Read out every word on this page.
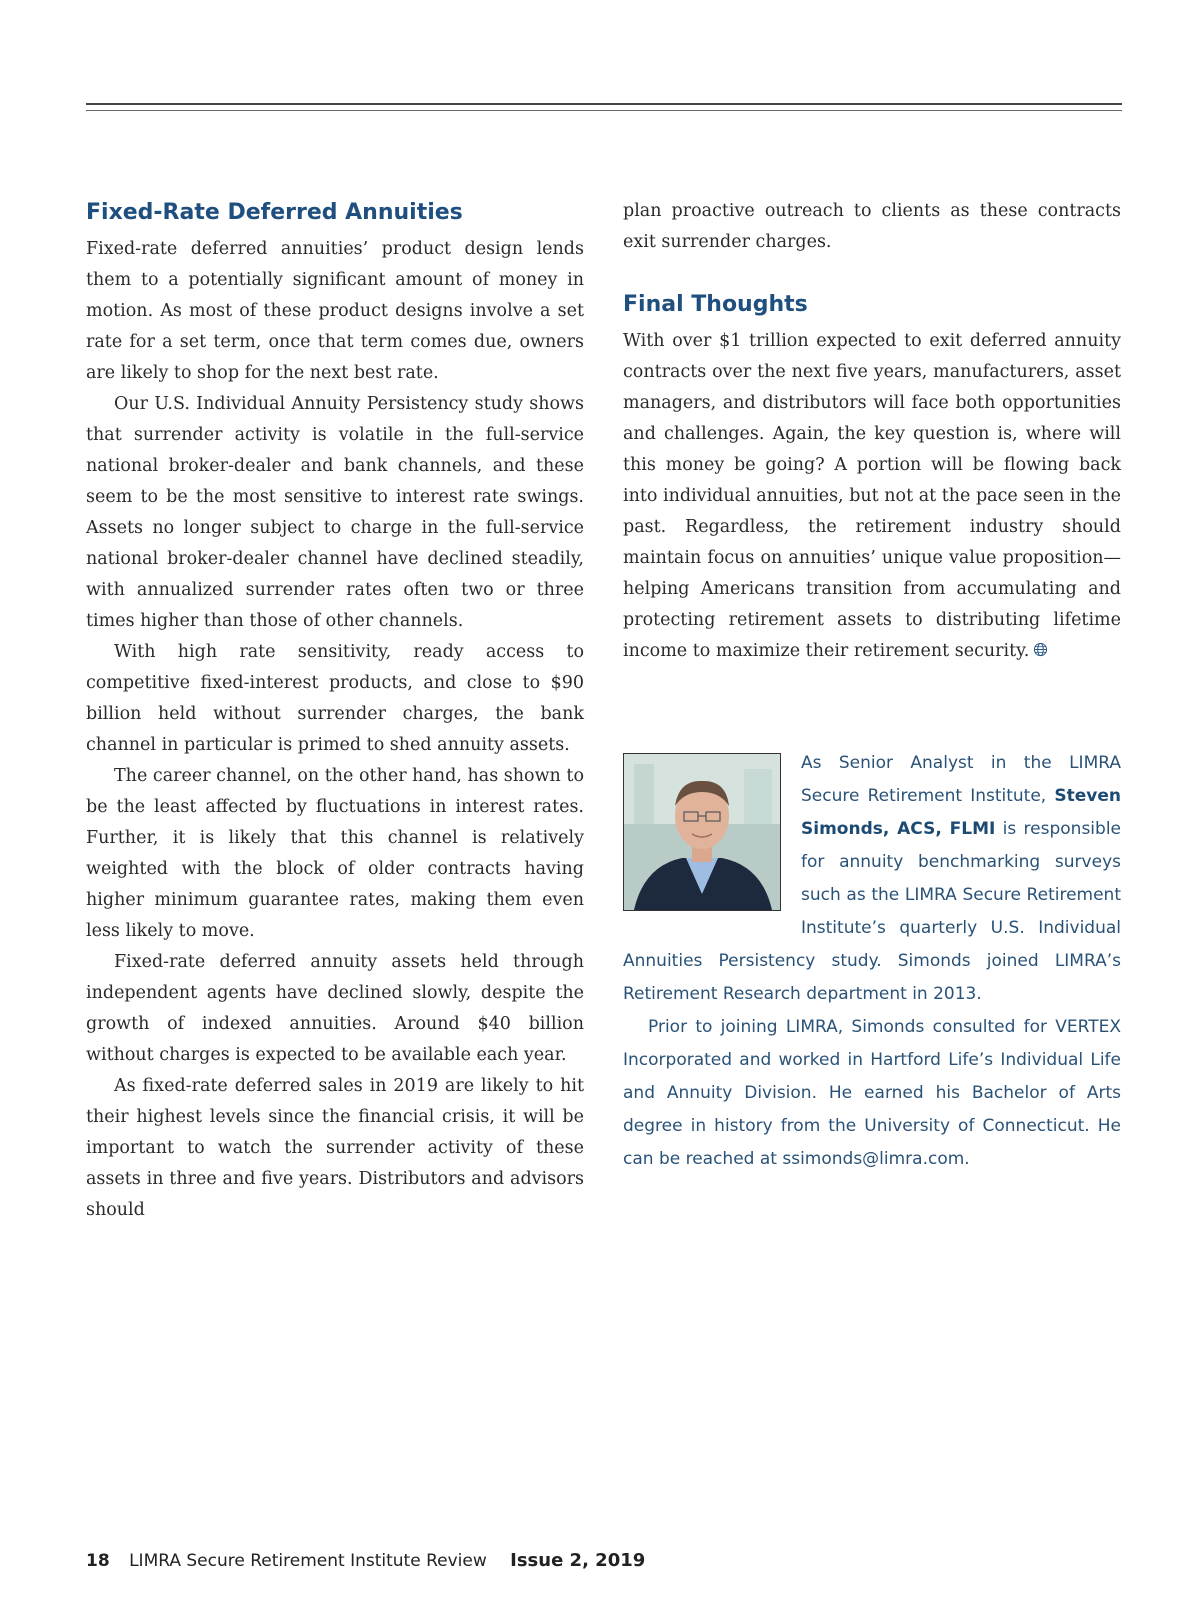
Fixed-Rate Deferred Annuities

Fixed-rate deferred annuities’ product design lends them to a potentially significant amount of money in motion. As most of these product designs involve a set rate for a set term, once that term comes due, owners are likely to shop for the next best rate.

Our U.S. Individual Annuity Persistency study shows that surrender activity is volatile in the full-service national broker-dealer and bank channels, and these seem to be the most sensitive to interest rate swings. Assets no longer subject to charge in the full-service national broker-dealer channel have declined steadily, with annualized surrender rates often two or three times higher than those of other channels.

With high rate sensitivity, ready access to competitive fixed-interest products, and close to $90 billion held without surrender charges, the bank channel in particular is primed to shed annuity assets.

The career channel, on the other hand, has shown to be the least affected by fluctuations in interest rates. Further, it is likely that this channel is relatively weighted with the block of older contracts having higher minimum guarantee rates, making them even less likely to move.

Fixed-rate deferred annuity assets held through independent agents have declined slowly, despite the growth of indexed annuities. Around $40 billion without charges is expected to be available each year.

As fixed-rate deferred sales in 2019 are likely to hit their highest levels since the financial crisis, it will be important to watch the surrender activity of these assets in three and five years. Distributors and advisors should

plan proactive outreach to clients as these contracts exit surrender charges.

Final Thoughts

With over $1 trillion expected to exit deferred annuity contracts over the next five years, manufacturers, asset managers, and distributors will face both opportunities and challenges. Again, the key question is, where will this money be going? A portion will be flowing back into individual annuities, but not at the pace seen in the past. Regardless, the retirement industry should maintain focus on annuities’ unique value proposition—helping Americans transition from accumulating and protecting retirement assets to distributing lifetime income to maximize their retirement security.

As Senior Analyst in the LIMRA Secure Retirement Institute, Steven Simonds, ACS, FLMI is responsible for annuity benchmarking surveys such as the LIMRA Secure Retirement Institute’s quarterly U.S. Individual Annuities Persistency study. Simonds joined LIMRA’s Retirement Research department in 2013.

Prior to joining LIMRA, Simonds consulted for VERTEX Incorporated and worked in Hartford Life’s Individual Life and Annuity Division. He earned his Bachelor of Arts degree in history from the University of Connecticut. He can be reached at ssimonds@limra.com.

18 LIMRA Secure Retirement Institute Review Issue 2, 2019
